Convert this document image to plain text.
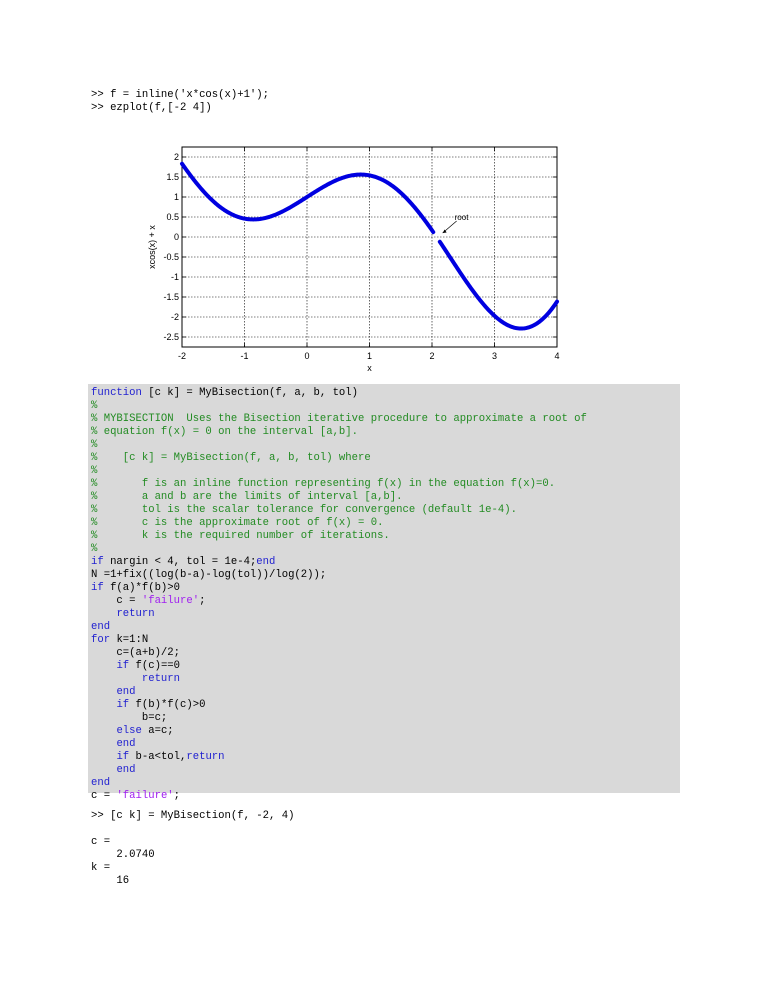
>> f = inline('x*cos(x)+1');
>> ezplot(f,[-2 4])
-2	-1	0	1	2	3	4
2
1.5
1
0.5
0
-0.5
-1
-1.5
-2
-2.5
root
x
xcos(x) + x
function [c k] = MyBisection(f, a, b, tol)
%
% MYBISECTION  Uses the Bisection iterative procedure to approximate a root of
% equation f(x) = 0 on the interval [a,b].
%
%    [c k] = MyBisection(f, a, b, tol) where
%
%       f is an inline function representing f(x) in the equation f(x)=0.
%       a and b are the limits of interval [a,b].
%       tol is the scalar tolerance for convergence (default 1e-4).
%       c is the approximate root of f(x) = 0.
%       k is the required number of iterations.
%
if nargin < 4, tol = 1e-4;end
N =1+fix((log(b-a)-log(tol))/log(2));
if f(a)*f(b)>0
c = 'failure';
return
end
for k=1:N
c=(a+b)/2;
if f(c)==0
return
end
if f(b)*f(c)>0
b=c;
else a=c;
end
if b-a<tol,return
end
end
c = 'failure';
>> [c k] = MyBisection(f, -2, 4)
c =
2.0740
k =
16
